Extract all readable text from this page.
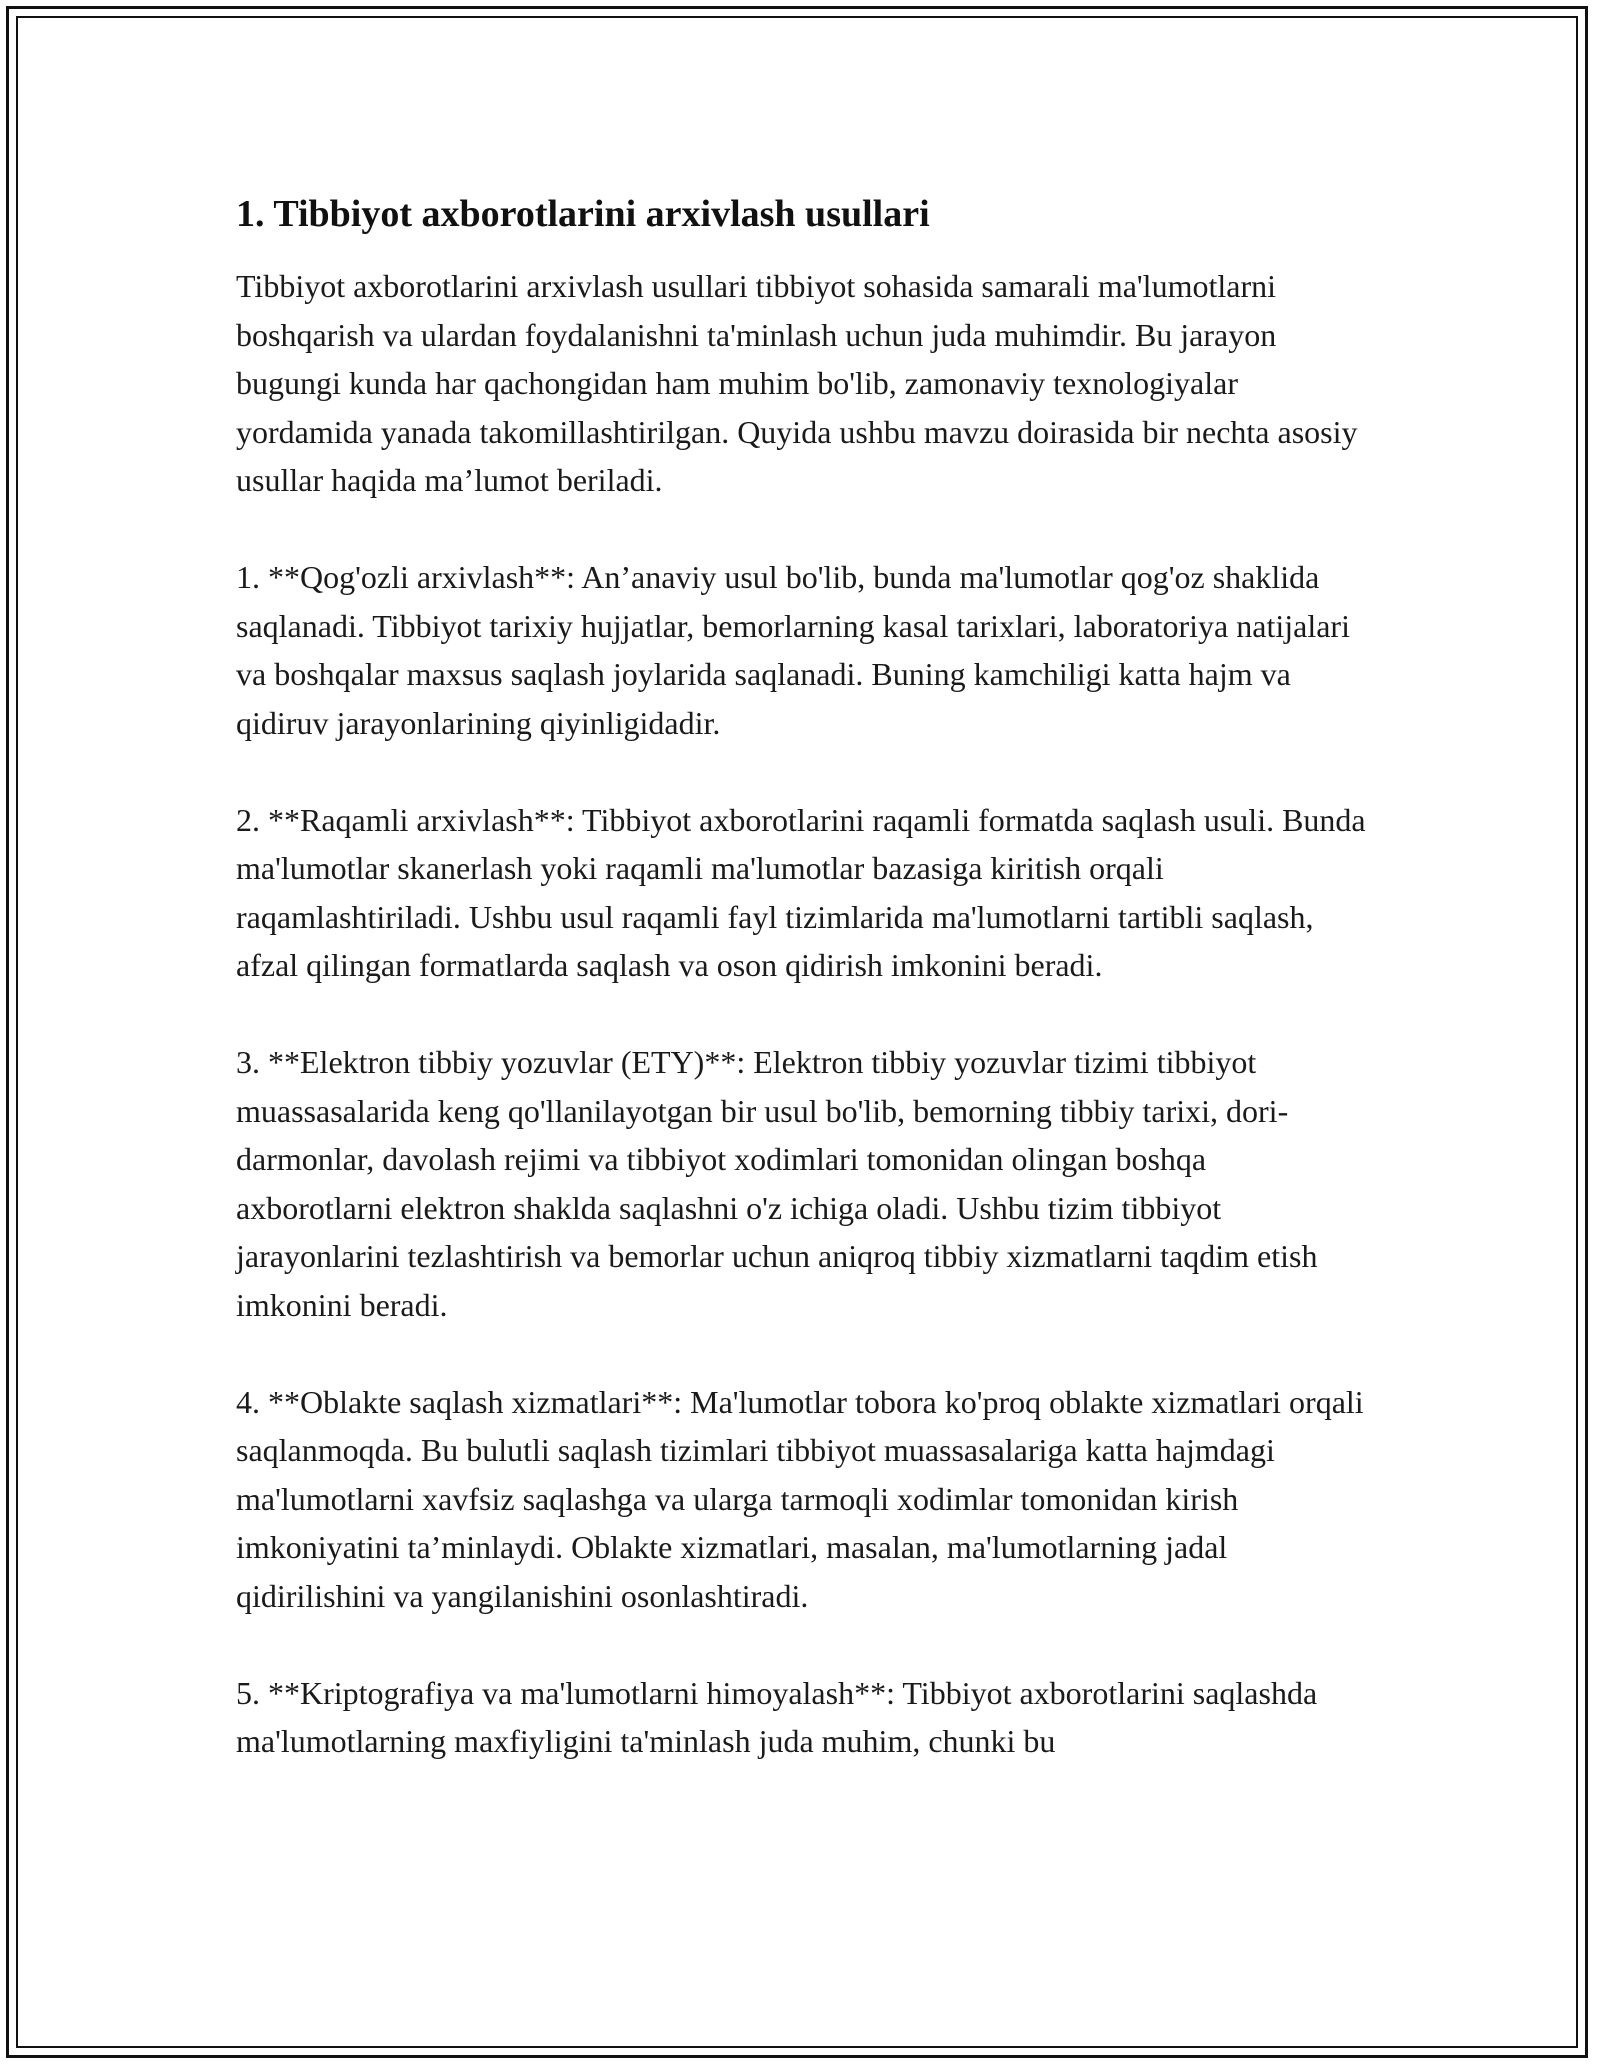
1. Tibbiyot axborotlarini arxivlash usullari

Tibbiyot axborotlarini arxivlash usullari tibbiyot sohasida samarali ma'lumotlarni boshqarish va ulardan foydalanishni ta'minlash uchun juda muhimdir. Bu jarayon bugungi kunda har qachongidan ham muhim bo'lib, zamonaviy texnologiyalar yordamida yanada takomillashtirilgan. Quyida ushbu mavzu doirasida bir nechta asosiy usullar haqida ma’lumot beriladi.

1. **Qog'ozli arxivlash**: An’anaviy usul bo'lib, bunda ma'lumotlar qog'oz shaklida saqlanadi. Tibbiyot tarixiy hujjatlar, bemorlarning kasal tarixlari, laboratoriya natijalari va boshqalar maxsus saqlash joylarida saqlanadi. Buning kamchiligi katta hajm va qidiruv jarayonlarining qiyinligidadir.

2. **Raqamli arxivlash**: Tibbiyot axborotlarini raqamli formatda saqlash usuli. Bunda ma'lumotlar skanerlash yoki raqamli ma'lumotlar bazasiga kiritish orqali raqamlashtiriladi. Ushbu usul raqamli fayl tizimlarida ma'lumotlarni tartibli saqlash, afzal qilingan formatlarda saqlash va oson qidirish imkonini beradi.

3. **Elektron tibbiy yozuvlar (ETY)**: Elektron tibbiy yozuvlar tizimi tibbiyot muassasalarida keng qo'llanilayotgan bir usul bo'lib, bemorning tibbiy tarixi, dori-darmonlar, davolash rejimi va tibbiyot xodimlari tomonidan olingan boshqa axborotlarni elektron shaklda saqlashni o'z ichiga oladi. Ushbu tizim tibbiyot jarayonlarini tezlashtirish va bemorlar uchun aniqroq tibbiy xizmatlarni taqdim etish imkonini beradi.

4. **Oblakte saqlash xizmatlari**: Ma'lumotlar tobora ko'proq oblakte xizmatlari orqali saqlanmoqda. Bu bulutli saqlash tizimlari tibbiyot muassasalariga katta hajmdagi ma'lumotlarni xavfsiz saqlashga va ularga tarmoqli xodimlar tomonidan kirish imkoniyatini ta’minlaydi. Oblakte xizmatlari, masalan, ma'lumotlarning jadal qidirilishini va yangilanishini osonlashtiradi.

5. **Kriptografiya va ma'lumotlarni himoyalash**: Tibbiyot axborotlarini saqlashda ma'lumotlarning maxfiyligini ta'minlash juda muhim, chunki bu
